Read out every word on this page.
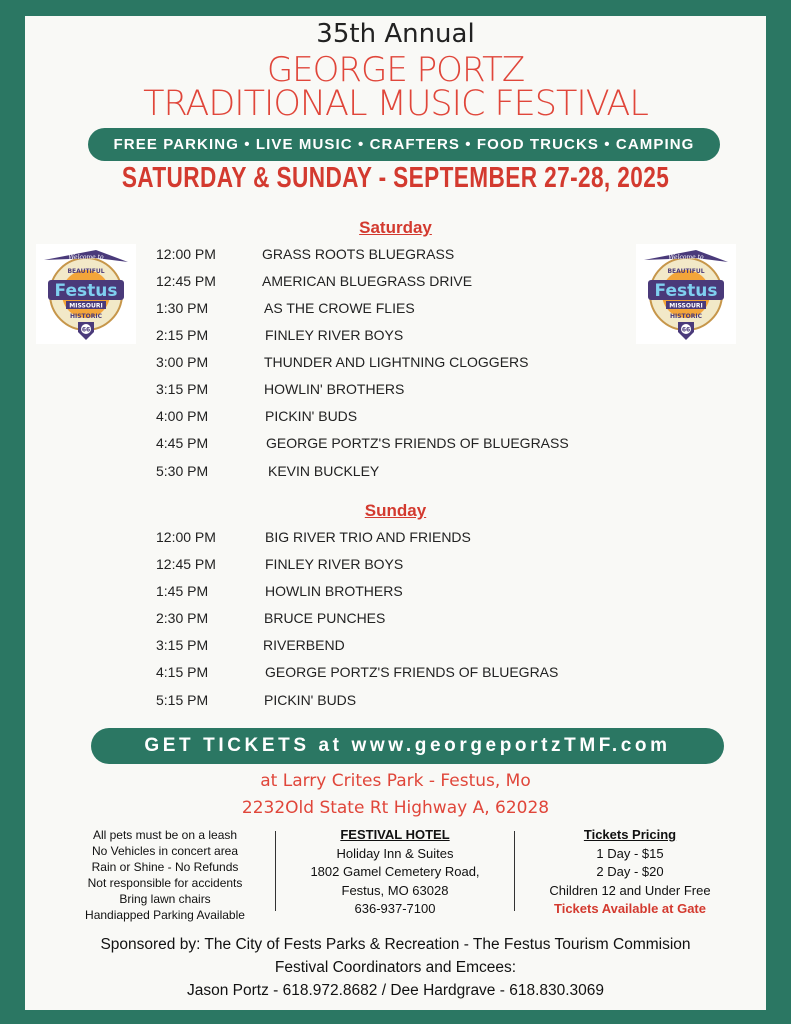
35th Annual
GEORGE PORTZ
TRADITIONAL MUSIC FESTIVAL
FREE PARKING • LIVE MUSIC • CRAFTERS • FOOD TRUCKS • CAMPING
SATURDAY & SUNDAY - SEPTEMBER 27-28, 2025
Welcome to
BEAUTIFUL
Festus
MISSOURI
HISTORIC
66
Welcome to
BEAUTIFUL
Festus
MISSOURI
HISTORIC
66
Saturday
12:00 PM	GRASS ROOTS BLUEGRASS
12:45 PM	AMERICAN BLUEGRASS DRIVE
1:30 PM	AS THE CROWE FLIES
2:15 PM	FINLEY RIVER BOYS
3:00 PM	THUNDER AND LIGHTNING CLOGGERS
3:15 PM	HOWLIN' BROTHERS
4:00 PM	PICKIN' BUDS
4:45 PM	GEORGE PORTZ'S FRIENDS OF BLUEGRASS
5:30 PM	KEVIN BUCKLEY
Sunday
12:00 PM	BIG RIVER TRIO AND FRIENDS
12:45 PM	FINLEY RIVER BOYS
1:45 PM	HOWLIN BROTHERS
2:30 PM	BRUCE PUNCHES
3:15 PM	RIVERBEND
4:15 PM	GEORGE PORTZ'S FRIENDS OF BLUEGRAS
5:15 PM	PICKIN' BUDS
GET TICKETS at www.georgeportzTMF.com
at Larry Crites Park - Festus, Mo
2232Old State Rt Highway A, 62028
All pets must be on a leash
No Vehicles in concert area
Rain or Shine - No Refunds
Not responsible for accidents
Bring lawn chairs
Handiapped Parking Available
FESTIVAL HOTEL
Holiday Inn & Suites
1802 Gamel Cemetery Road,
Festus, MO 63028
636-937-7100
Tickets Pricing
1 Day - $15
2 Day - $20
Children 12 and Under Free
Tickets Available at Gate
Sponsored by: The City of Fests Parks & Recreation - The Festus Tourism Commision
Festival Coordinators and Emcees:
Jason Portz - 618.972.8682 / Dee Hardgrave - 618.830.3069
